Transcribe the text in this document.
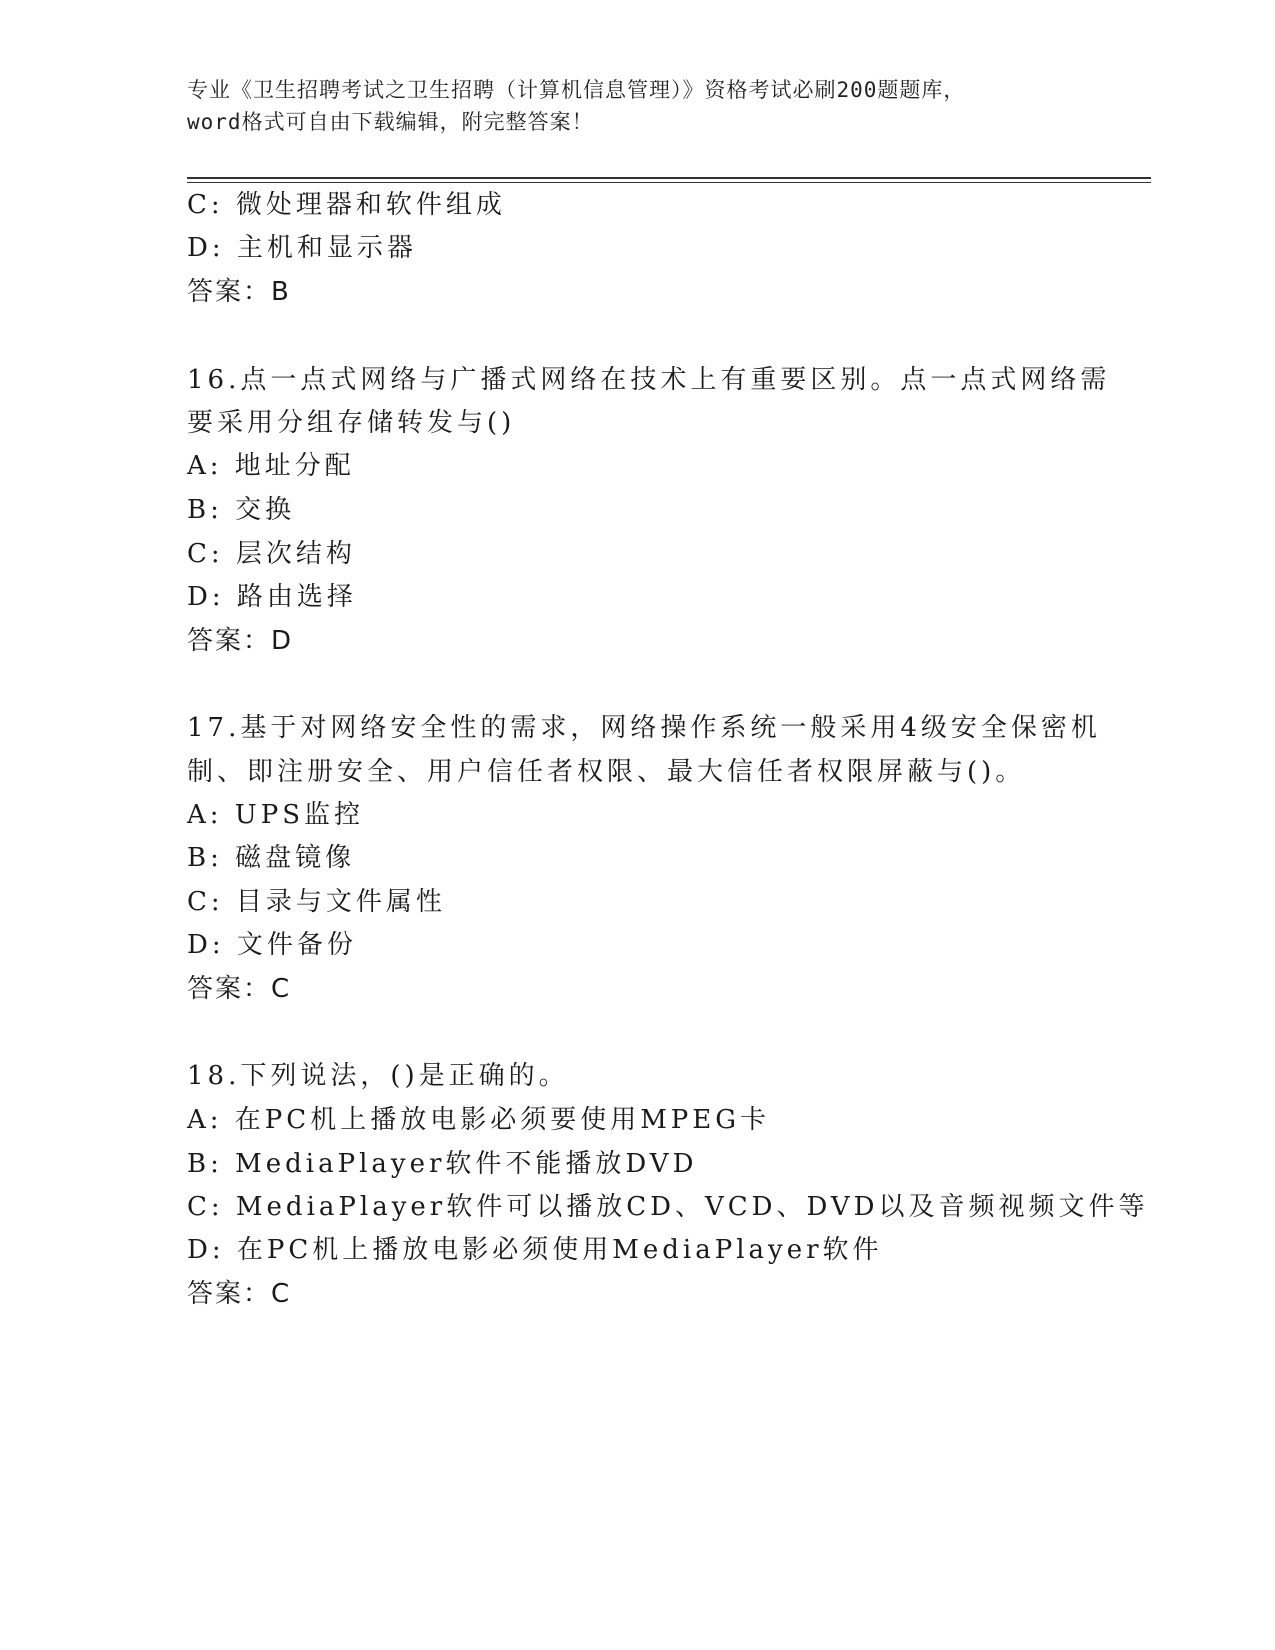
专业《卫生招聘考试之卫生招聘（计算机信息管理）》资格考试必刷200题题库，
word格式可自由下载编辑，附完整答案！
C: 微处理器和软件组成
D: 主机和显示器
答案：B
16.点一点式网络与广播式网络在技术上有重要区别。点一点式网络需
要采用分组存储转发与()
A: 地址分配
B: 交换
C: 层次结构
D: 路由选择
答案：D
17.基于对网络安全性的需求，网络操作系统一般采用4级安全保密机
制、即注册安全、用户信任者权限、最大信任者权限屏蔽与()。
A: UPS监控
B: 磁盘镜像
C: 目录与文件属性
D: 文件备份
答案：C
18.下列说法，()是正确的。
A: 在PC机上播放电影必须要使用MPEG卡
B: MediaPlayer软件不能播放DVD
C: MediaPlayer软件可以播放CD、VCD、DVD以及音频视频文件等
D: 在PC机上播放电影必须使用MediaPlayer软件
答案：C
